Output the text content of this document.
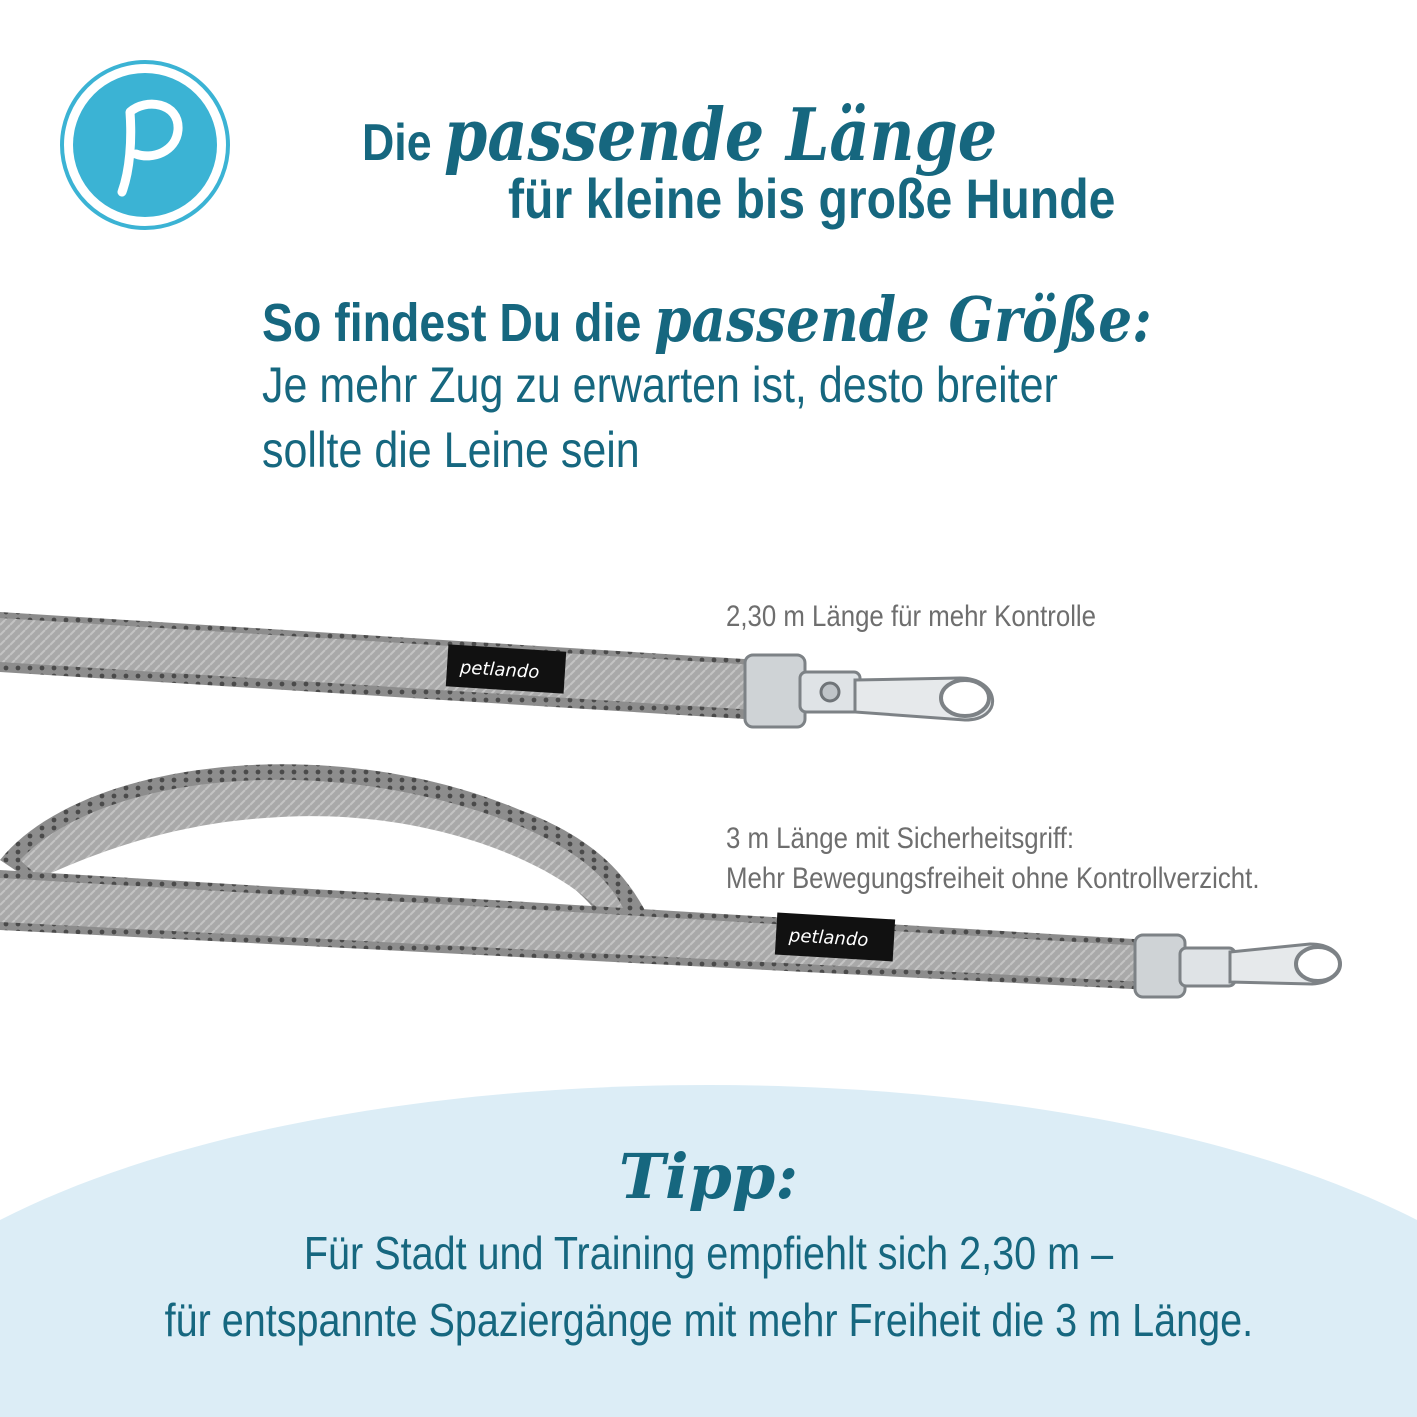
Die passende Länge
für kleine bis große Hunde
So findest Du die passende Größe:
Je mehr Zug zu erwarten ist, desto breiter
sollte die Leine sein
petlando
petlando
2,30 m Länge für mehr Kontrolle
3 m Länge mit Sicherheitsgriff:
Mehr Bewegungsfreiheit ohne Kontrollverzicht.
Tipp:
Für Stadt und Training empfiehlt sich 2,30 m –
für entspannte Spaziergänge mit mehr Freiheit die 3 m Länge.
